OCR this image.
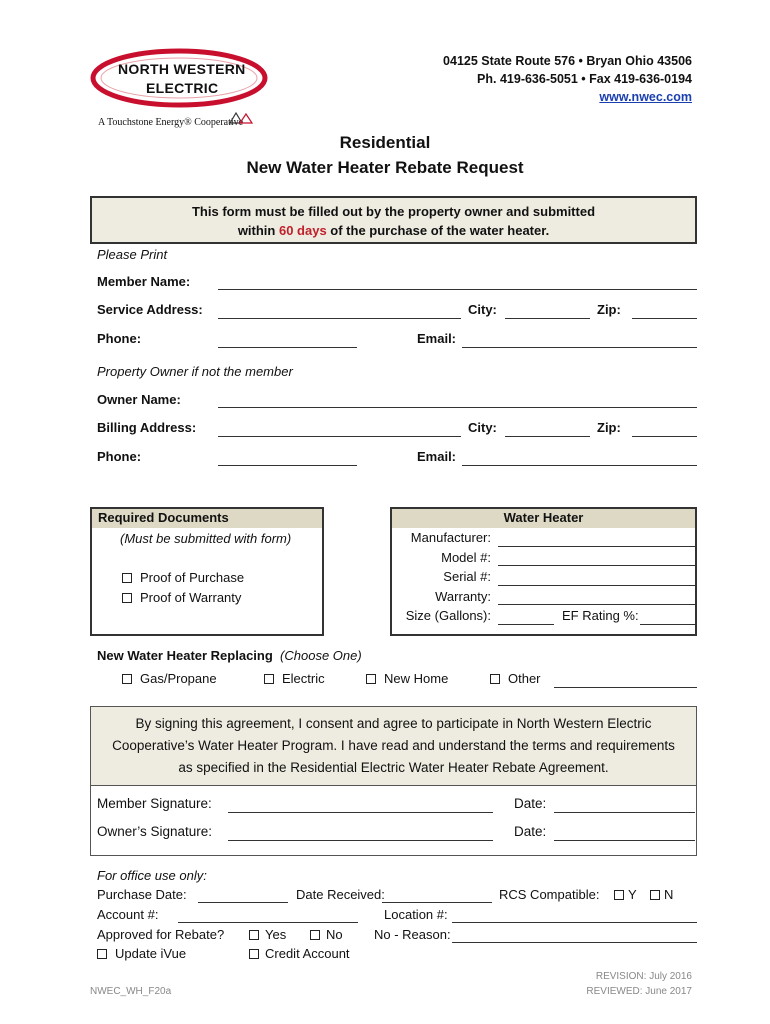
NORTH WESTERN
ELECTRIC
A Touchstone Energy® Cooperative
04125 State Route 576 • Bryan Ohio 43506
Ph. 419-636-5051 • Fax 419-636-0194
www.nwec.com
Residential
New Water Heater Rebate Request
This form must be filled out by the property owner and submitted
within 60 days of the purchase of the water heater.
Please Print
Member Name:
Service Address:	City:	Zip:
Phone:	Email:
Property Owner if not the member
Owner Name:
Billing Address:	City:	Zip:
Phone:	Email:
Required Documents
(Must be submitted with form)
Proof of Purchase
Proof of Warranty
Water Heater
Manufacturer:
Model #:
Serial #:
Warranty:
Size (Gallons):	EF Rating %:
New Water Heater Replacing (Choose One)
Gas/Propane	Electric	New Home	Other
By signing this agreement, I consent and agree to participate in North Western Electric
Cooperative’s Water Heater Program. I have read and understand the terms and requirements
as specified in the Residential Electric Water Heater Rebate Agreement.
Member Signature:	Date:
Owner’s Signature:	Date:
For office use only:
Purchase Date:	Date Received:	RCS Compatible:	Y	N
Account #:	Location #:
Approved for Rebate?	Yes	No No - Reason:
Update iVue	Credit Account
NWEC_WH_F20a
REVISION: July 2016
REVIEWED: June 2017
